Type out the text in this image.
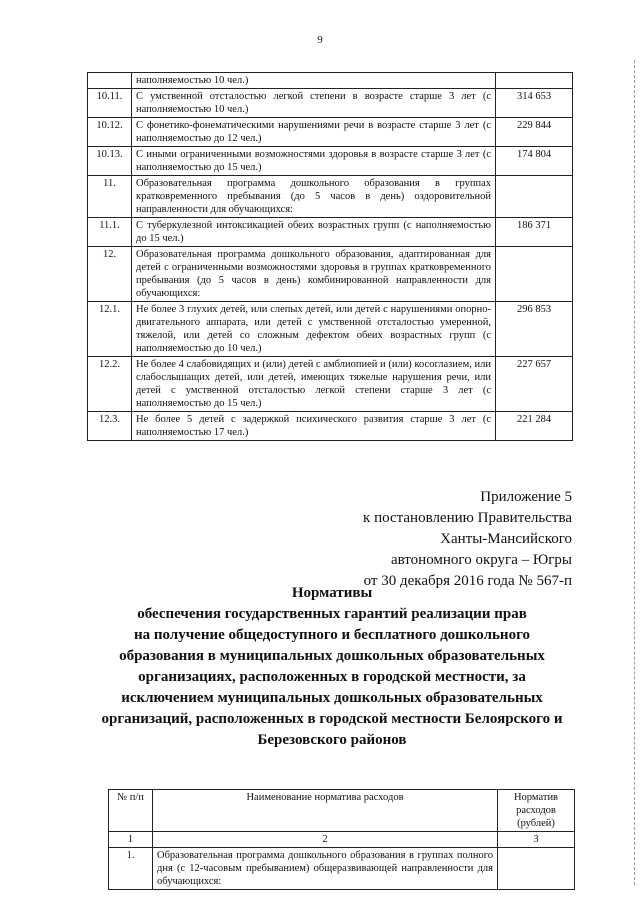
9
	наполняемостью 10 чел.)	
10.11.	С умственной отсталостью легкой степени в возрасте старше 3 лет (с наполняемостью 10 чел.)	314 653
10.12.	С фонетико-фонематическими нарушениями речи в возрасте старше 3 лет (с наполняемостью до 12 чел.)	229 844
10.13.	С иными ограниченными возможностями здоровья в возрасте старше 3 лет (с наполняемостью до 15 чел.)	174 804
11.	Образовательная программа дошкольного образования в группах кратковременного пребывания (до 5 часов в день) оздоровительной направленности для обучающихся:	
11.1.	С туберкулезной интоксикацией обеих возрастных групп (с наполняемостью до 15 чел.)	186 371
12.	Образовательная программа дошкольного образования, адаптированная для детей с ограниченными возможностями здоровья в группах кратковременного пребывания (до 5 часов в день) комбинированной направленности для обучающихся:	
12.1.	Не более 3 глухих детей, или слепых детей, или детей с нарушениями опорно-двигательного аппарата, или детей с умственной отсталостью умеренной, тяжелой, или детей со сложным дефектом обеих возрастных групп (с наполняемостью до 10 чел.)	296 853
12.2.	Не более 4 слабовидящих и (или) детей с амблиопией и (или) косоглазием, или слабослышащих детей, или детей, имеющих тяжелые нарушения речи, или детей с умственной отсталостью легкой степени старше 3 лет (с наполняемостью до 15 чел.)	227 657
12.3.	Не более 5 детей с задержкой психического развития старше 3 лет (с наполняемостью 17 чел.)	221 284
Приложение 5
к постановлению Правительства
Ханты-Мансийского
автономного округа – Югры
от 30 декабря 2016 года № 567-п
Нормативы
обеспечения государственных гарантий реализации прав
на получение общедоступного и бесплатного дошкольного
образования в муниципальных дошкольных образовательных
организациях, расположенных в городской местности, за
исключением муниципальных дошкольных образовательных
организаций, расположенных в городской местности Белоярского и
Березовского районов
№ п/п	Наименование норматива расходов	Норматив расходов (рублей)
1	2	3
1.	Образовательная программа дошкольного образования в группах полного дня (с 12-часовым пребыванием) общеразвивающей направленности для обучающихся:	
